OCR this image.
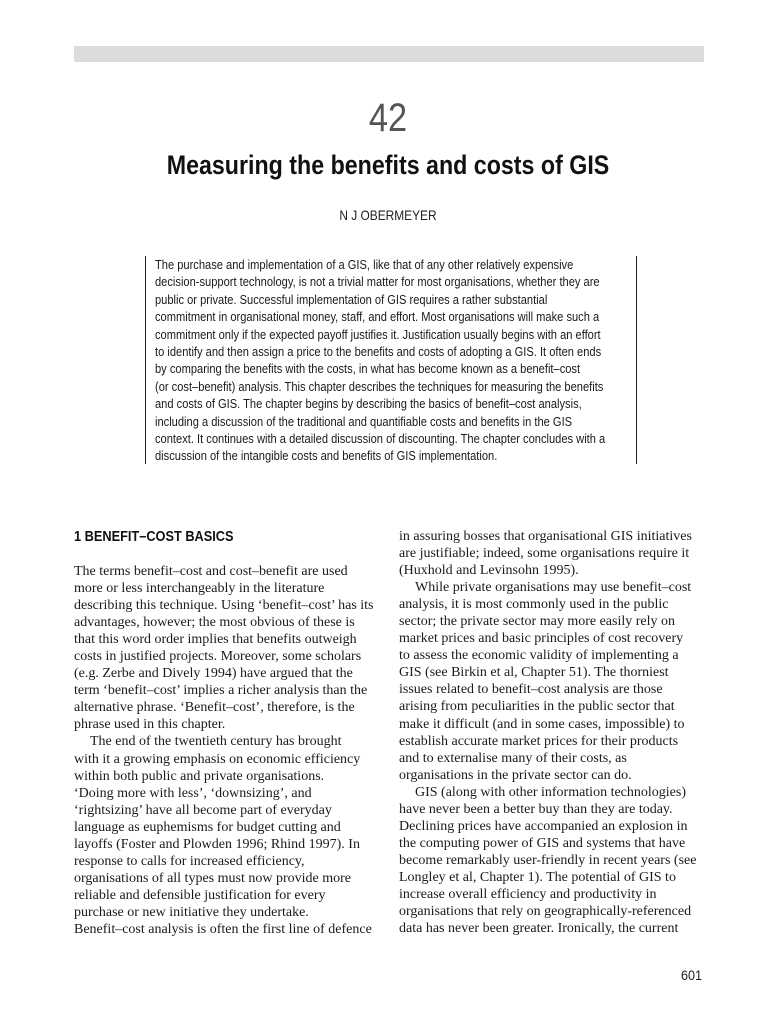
42
Measuring the benefits and costs of GIS
N J OBERMEYER
The purchase and implementation of a GIS, like that of any other relatively expensive
decision-support technology, is not a trivial matter for most organisations, whether they are
public or private. Successful implementation of GIS requires a rather substantial
commitment in organisational money, staff, and effort. Most organisations will make such a
commitment only if the expected payoff justifies it. Justification usually begins with an effort
to identify and then assign a price to the benefits and costs of adopting a GIS. It often ends
by comparing the benefits with the costs, in what has become known as a benefit–cost
(or cost–benefit) analysis. This chapter describes the techniques for measuring the benefits
and costs of GIS. The chapter begins by describing the basics of benefit–cost analysis,
including a discussion of the traditional and quantifiable costs and benefits in the GIS
context. It continues with a detailed discussion of discounting. The chapter concludes with a
discussion of the intangible costs and benefits of GIS implementation.
1 BENEFIT–COST BASICS
The terms benefit–cost and cost–benefit are used
more or less interchangeably in the literature
describing this technique. Using ‘benefit–cost’ has its
advantages, however; the most obvious of these is
that this word order implies that benefits outweigh
costs in justified projects. Moreover, some scholars
(e.g. Zerbe and Dively 1994) have argued that the
term ‘benefit–cost’ implies a richer analysis than the
alternative phrase. ‘Benefit–cost’, therefore, is the
phrase used in this chapter.
The end of the twentieth century has brought
with it a growing emphasis on economic efficiency
within both public and private organisations.
‘Doing more with less’, ‘downsizing’, and
‘rightsizing’ have all become part of everyday
language as euphemisms for budget cutting and
layoffs (Foster and Plowden 1996; Rhind 1997). In
response to calls for increased efficiency,
organisations of all types must now provide more
reliable and defensible justification for every
purchase or new initiative they undertake.
Benefit–cost analysis is often the first line of defence
in assuring bosses that organisational GIS initiatives
are justifiable; indeed, some organisations require it
(Huxhold and Levinsohn 1995).
While private organisations may use benefit–cost
analysis, it is most commonly used in the public
sector; the private sector may more easily rely on
market prices and basic principles of cost recovery
to assess the economic validity of implementing a
GIS (see Birkin et al, Chapter 51). The thorniest
issues related to benefit–cost analysis are those
arising from peculiarities in the public sector that
make it difficult (and in some cases, impossible) to
establish accurate market prices for their products
and to externalise many of their costs, as
organisations in the private sector can do.
GIS (along with other information technologies)
have never been a better buy than they are today.
Declining prices have accompanied an explosion in
the computing power of GIS and systems that have
become remarkably user-friendly in recent years (see
Longley et al, Chapter 1). The potential of GIS to
increase overall efficiency and productivity in
organisations that rely on geographically-referenced
data has never been greater. Ironically, the current
601
